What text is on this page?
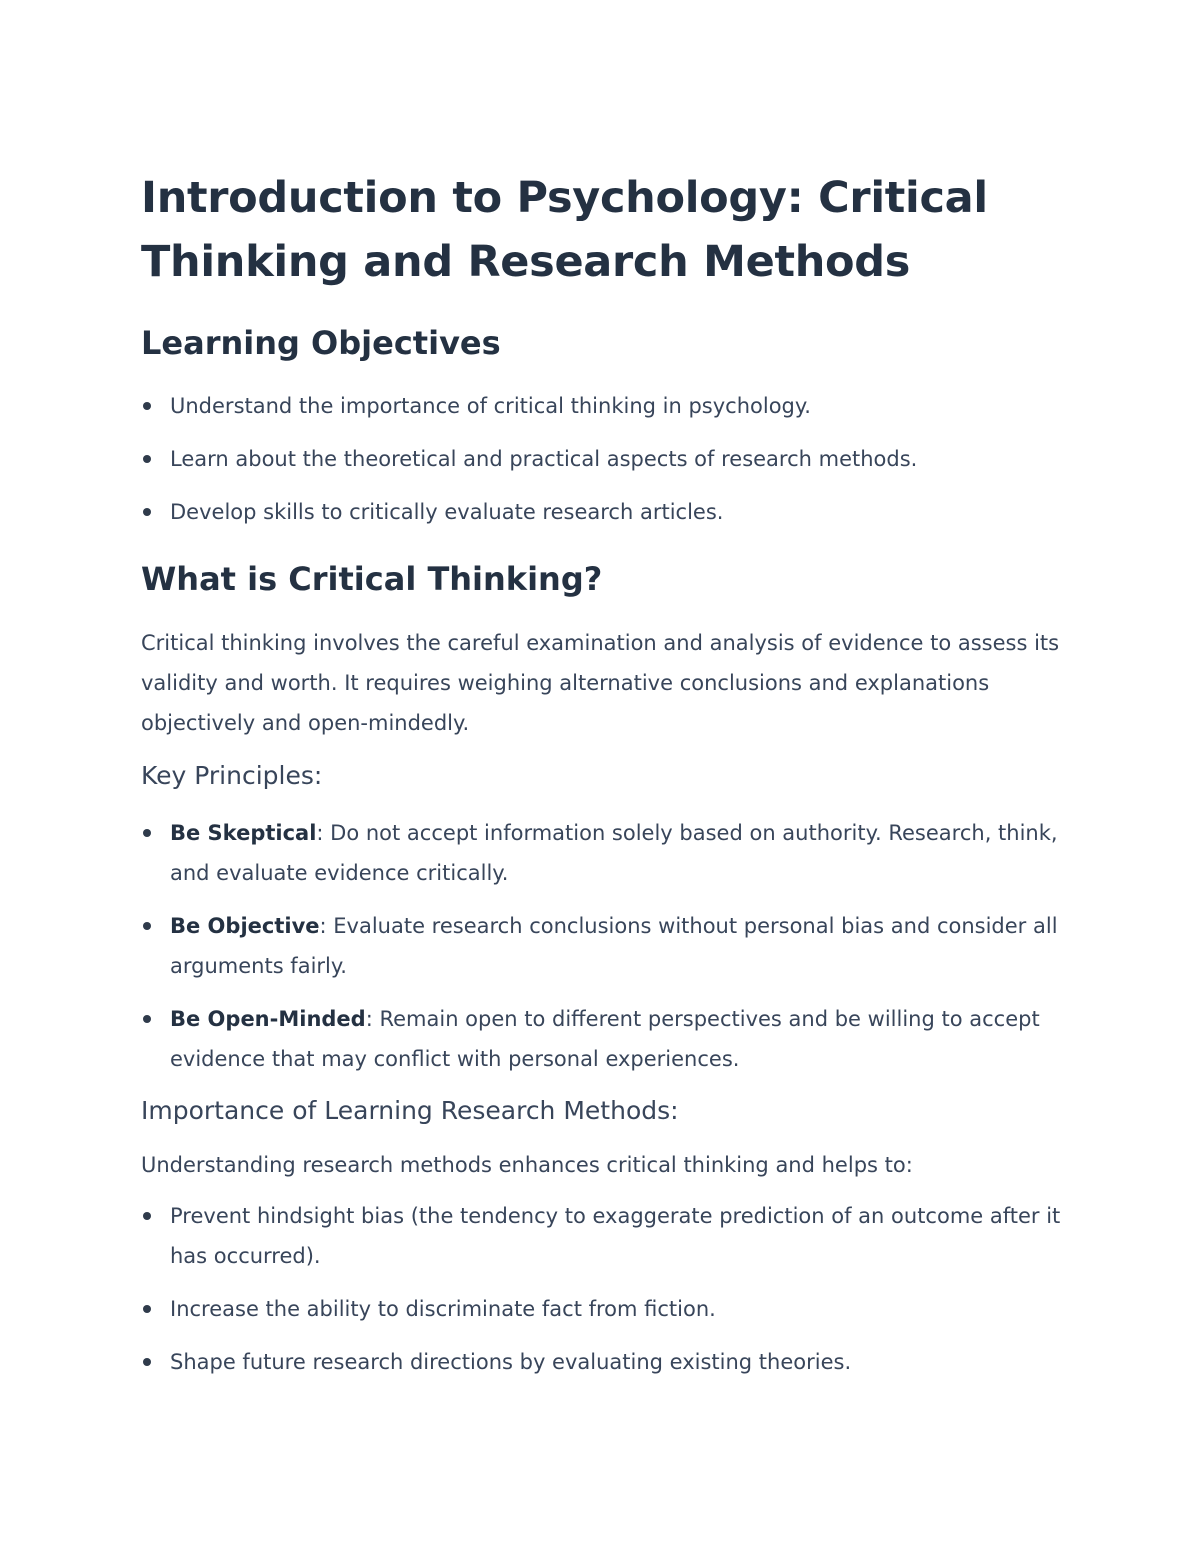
Introduction to Psychology: Critical Thinking and Research Methods
Learning Objectives
Understand the importance of critical thinking in psychology.
Learn about the theoretical and practical aspects of research methods.
Develop skills to critically evaluate research articles.
What is Critical Thinking?

Critical thinking involves the careful examination and analysis of evidence to assess its validity and worth. It requires weighing alternative conclusions and explanations objectively and open-mindedly.

Key Principles:
Be Skeptical: Do not accept information solely based on authority. Research, think, and evaluate evidence critically.
Be Objective: Evaluate research conclusions without personal bias and consider all arguments fairly.
Be Open-Minded: Remain open to different perspectives and be willing to accept evidence that may conflict with personal experiences.
Importance of Learning Research Methods:

Understanding research methods enhances critical thinking and helps to:

Prevent hindsight bias (the tendency to exaggerate prediction of an outcome after it has occurred).
Increase the ability to discriminate fact from fiction.
Shape future research directions by evaluating existing theories.
